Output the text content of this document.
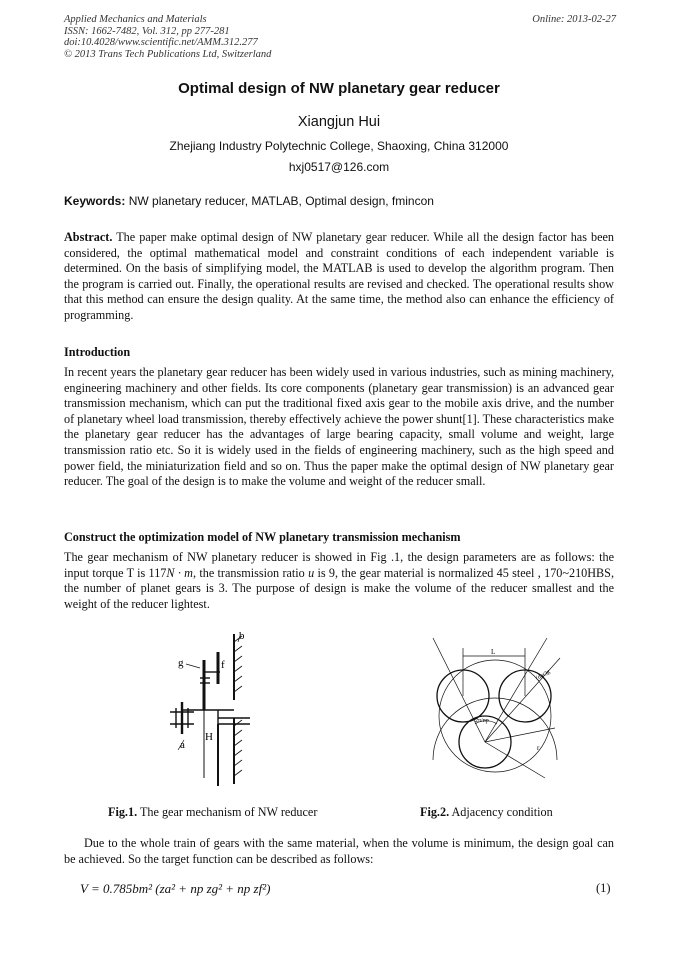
Applied Mechanics and Materials
ISSN: 1662-7482, Vol. 312, pp 277-281
doi:10.4028/www.scientific.net/AMM.312.277
© 2013 Trans Tech Publications Ltd, Switzerland
Online: 2013-02-27
Optimal design of NW planetary gear reducer
Xiangjun Hui
Zhejiang Industry Polytechnic College, Shaoxing, China 312000
hxj0517@126.com
Keywords: NW planetary reducer, MATLAB, Optimal design, fmincon
Abstract. The paper make optimal design of NW planetary gear reducer. While all the design factor has been considered, the optimal mathematical model and constraint conditions of each independent variable is determined. On the basis of simplifying model, the MATLAB is used to develop the algorithm program. Then the program is carried out. Finally, the operational results are revised and checked. The operational results show that this method can ensure the design quality. At the same time, the method also can enhance the efficiency of programming.
Introduction
In recent years the planetary gear reducer has been widely used in various industries, such as mining machinery, engineering machinery and other fields. Its core components (planetary gear transmission) is an advanced gear transmission mechanism, which can put the traditional fixed axis gear to the mobile axis drive, and the number of planetary wheel load transmission, thereby effectively achieve the power shunt[1]. These characteristics make the planetary gear reducer has the advantages of large bearing capacity, small volume and weight, large transmission ratio etc. So it is widely used in the fields of engineering machinery, such as the high speed and power field, the miniaturization field and so on. Thus the paper make the optimal design of NW planetary gear reducer. The goal of the design is to make the volume and weight of the reducer small.
Construct the optimization model of NW planetary transmission mechanism
The gear mechanism of NW planetary reducer is showed in Fig .1, the design parameters are as follows: the input torque T is 117N · m, the transmission ratio u is 9, the gear material is normalized 45 steel , 170~210HBS, the number of planet gears is 3. The purpose of design is make the volume of the reducer smallest and the weight of the reducer lightest.
b
g	f
a
H
L
(dac)g
2π/np
r
Fig.1. The gear mechanism of NW reducer	Fig.2. Adjacency condition
Due to the whole train of gears with the same material, when the volume is minimum, the design goal can be achieved. So the target function can be described as follows:
V = 0.785bm² (za² + np zg² + np zf²)	(1)
